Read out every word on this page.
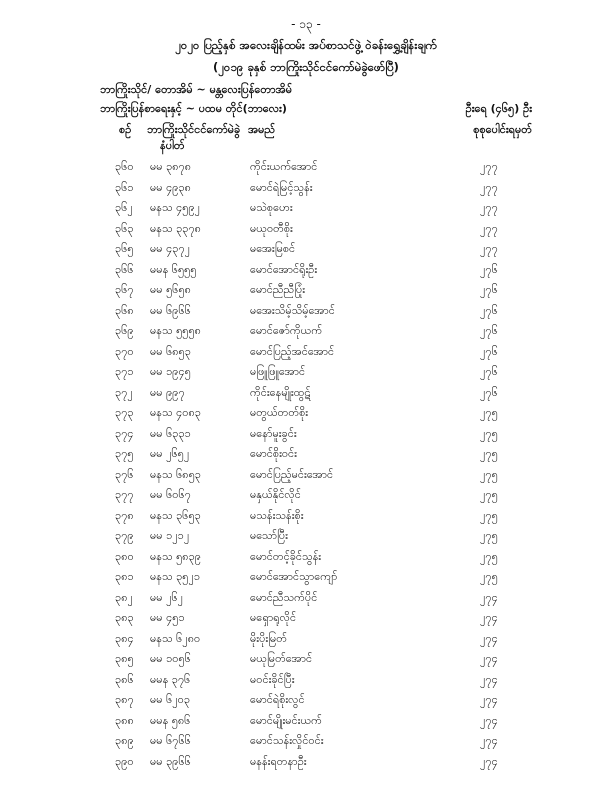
- ၁၃ -
၂၀၂၀ ပြည့်နှစ် အလေးချိန်ထမ်း အပ်စာသင်ဖွဲ့ ၀ဲခန်းရွှေ့ချိန်းချက်
(၂၀၁၉ ခုနှစ် ဘာကြိုးသိုင်ငင်ကော်မဲခွဲဖော်ပြီ)
ဘာကြိုးသိုင်/ တောအိမ် ~ မန္တလေးပြန်တောအိမ်
ဘာကြိုးပြန်စာရေးနှင့် ~ ပထမ တိုင်(ဘာလေး)	ဦးရေ (၄၆၅) ဦး
စဉ် ဘာကြိုးသိုင်ငင်ကော်မဲခွဲ
နံပါတ်
အမည်	စုစုပေါင်းရမှတ်
၃၆၀ မမ ၃၈၇၈	ကိုင်းယက်အောင်	၂၇၇
၃၆၁ မမ ၄၉၃၈	မောင်ရဲမြင့်သွန်း	၂၇၇
၃၆၂ မနသ ၄၅၉၂	မသဲစုဟေး	၂၇၇
၃၆၃ မနသ ၃၃၇၈	မယုဝတီစိုး	၂၇၇
၃၆၅ မမ ၄၃၇၂	မအေးမြစင်	၂၇၇
၃၆၆ မမန ၆၅၅၅	မောင်အောင်ရိုးဦး	၂၇၆
၃၆၇ မမ ၅၆၅၈	မောင်ညီညီပြုံး	၂၇၆
၃၆၈ မမ ၆၉၆၆	မအေးသိမ့်သိမ့်အောင်	၂၇၆
၃၆၉ မနသ ၅၅၅၈	မောင်ဇော်ကိုယက်	၂၇၆
၃၇၀ မမ ၆၈၅၃	မောင်ပြည့်အင်အောင်	၂၇၆
၃၇၁ မမ ၁၉၄၅	မဖြူဖြူအောင်	၂၇၆
၃၇၂ မမ ၉၉၇	ကိုင်းနေမျိုးထွဋ်	၂၇၆
၃၇၃ မနသ ၄၀၈၃	မတွယ်တတ်စိုး	၂၇၅
၃၇၄ မမ ၆၃၃၁	မနော်မူးခွင်း	၂၇၅
၃၇၅ မမ ၂၆၅၂	မောင်စိုးဝင်း	၂၇၅
၃၇၆ မနသ ၆၈၅၃	မောင်ပြည့်မင်းအောင်	၂၇၅
၃၇၇ မမ ၆၀၆၇	မနှယ်နိုင်လိုင်	၂၇၅
၃၇၈ မနသ ၃၆၅၃	မသန်းသန်းစိုး	၂၇၅
၃၇၉ မမ ၁၂၁၂	မသော်ပြီး	၂၇၅
၃၈၀ မနသ ၅၈၃၉	မောင်တင့်ခိုင်သွန်း	၂၇၅
၃၈၁ မနသ ၃၅၂၁	မောင်အောင်သွာကျော်	၂၇၅
၃၈၂ မမ ၂၆၂	မောင်ညီသက်ပိုင်	၂၇၄
၃၈၃ မမ ၄၅၁	မရှောရုလိုင်	၂၇၄
၃၈၄ မနသ ၆၂၈၀	မိုးပိုးမြတ်	၂၇၄
၃၈၅ မမ ၁၀၅၆	မယုမြတ်အောင်	၂၇၄
၃၈၆ မမန ၃၇၆	မဝင်းခိုင်ပြီး	၂၇၄
၃၈၇ မမ ၆၂၀၃	မောင်ရဲစိုးလွင်	၂၇၄
၃၈၈ မမန ၅၈၆	မောင်မျိုးမင်းယက်	၂၇၄
၃၈၉ မမ ၆၇၆၆	မောင်သန်းလှိုင်ဝင်း	၂၇၄
၃၉၀ မမ ၃၉၆၆	မနန်းရတနာဦး	၂၇၄
